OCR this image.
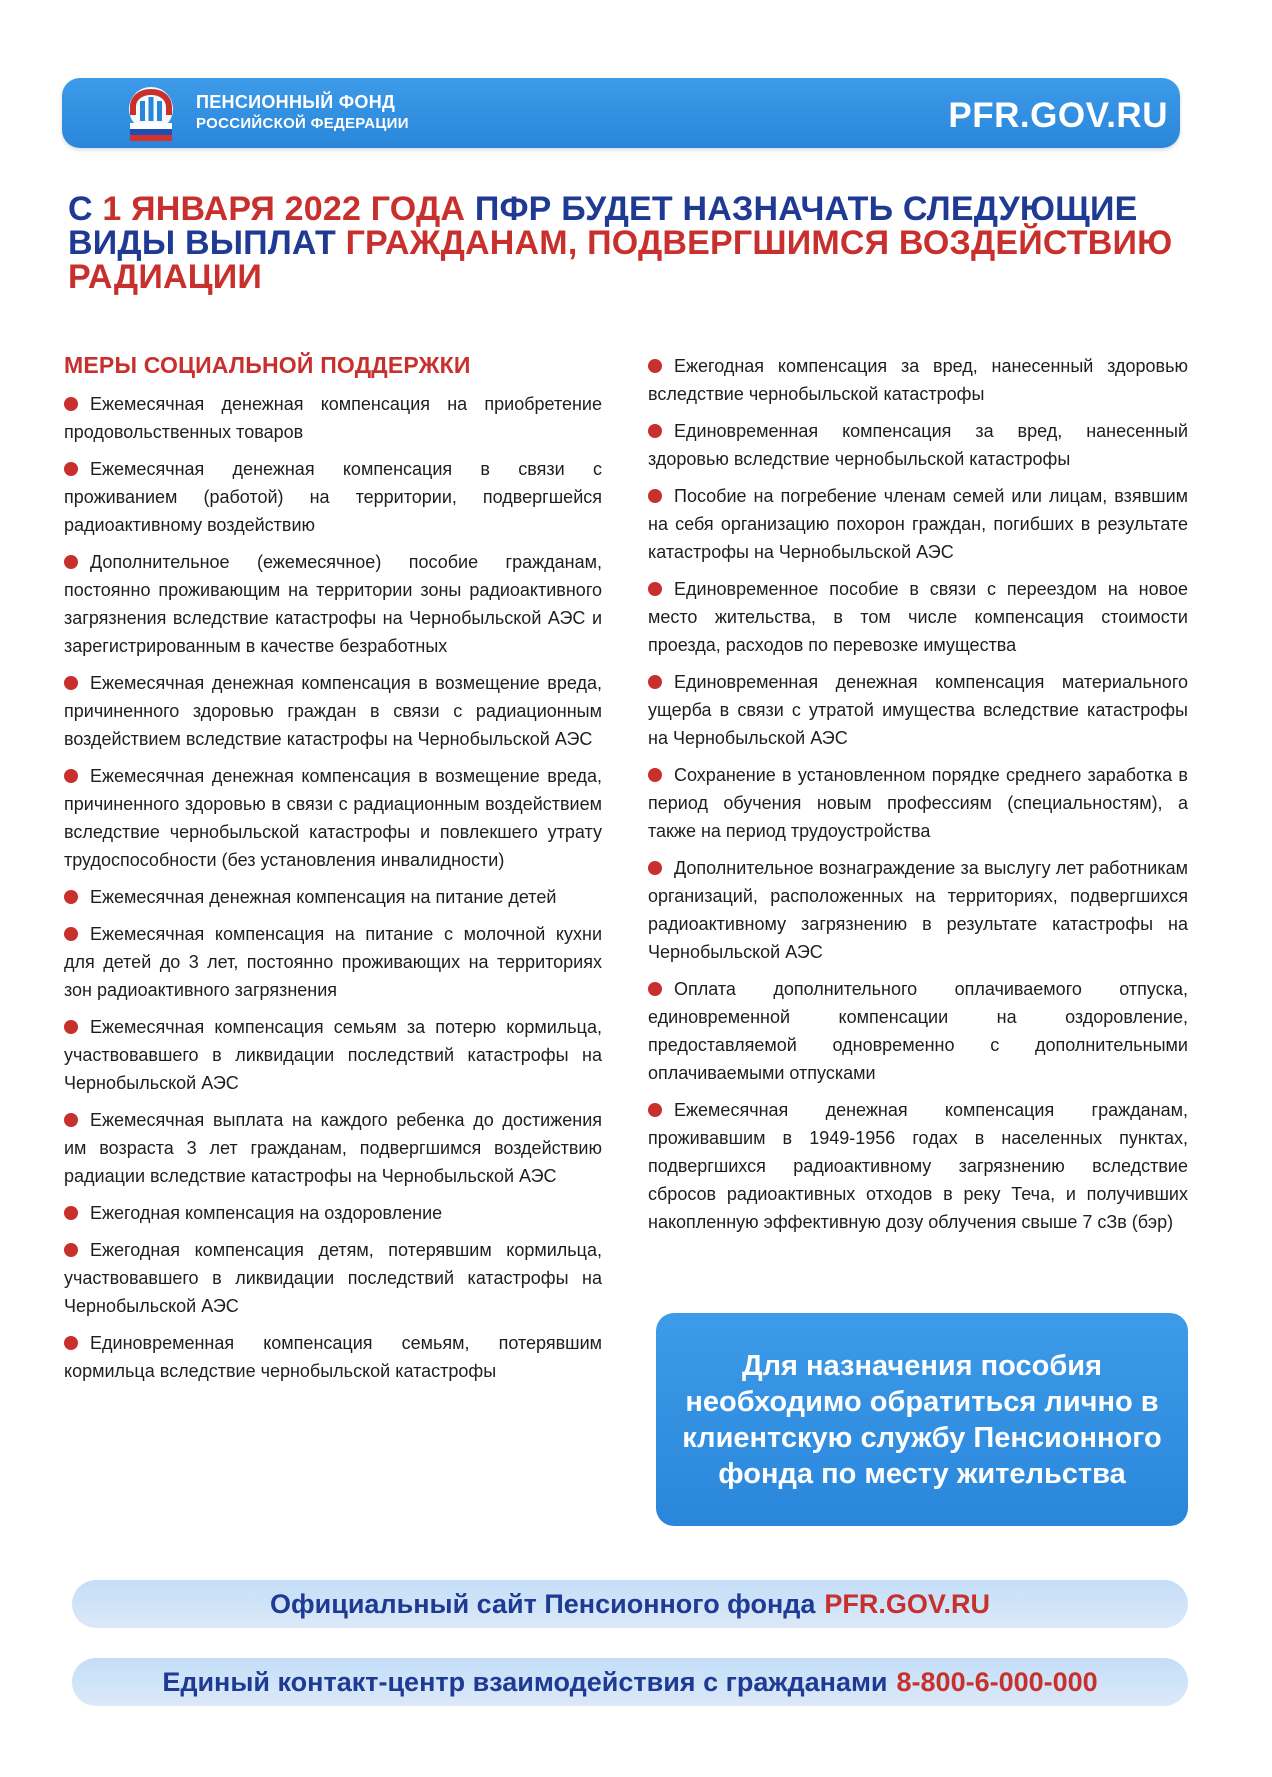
ПЕНСИОННЫЙ ФОНД
РОССИЙСКОЙ ФЕДЕРАЦИИ	PFR.GOV.RU
С 1 ЯНВАРЯ 2022 ГОДА ПФР БУДЕТ НАЗНАЧАТЬ СЛЕДУЮЩИЕ ВИДЫ ВЫПЛАТ ГРАЖДАНАМ, ПОДВЕРГШИМСЯ ВОЗДЕЙСТВИЮ РАДИАЦИИ
МЕРЫ СОЦИАЛЬНОЙ ПОДДЕРЖКИ

Ежемесячная денежная компенсация на приобретение продовольственных товаров

Ежемесячная денежная компенсация в связи с проживанием (работой) на территории, подвергшейся радиоактивному воздействию

Дополнительное (ежемесячное) пособие гражданам, постоянно проживающим на территории зоны радиоактивного загрязнения вследствие катастрофы на Чернобыльской АЭС и зарегистрированным в качестве безработных

Ежемесячная денежная компенсация в возмещение вреда, причиненного здоровью граждан в связи с радиационным воздействием вследствие катастрофы на Чернобыльской АЭС

Ежемесячная денежная компенсация в возмещение вреда, причиненного здоровью в связи с радиационным воздействием вследствие чернобыльской катастрофы и повлекшего утрату трудоспособности (без установления инвалидности)

Ежемесячная денежная компенсация на питание детей

Ежемесячная компенсация на питание с молочной кухни для детей до 3 лет, постоянно проживающих на территориях зон радиоактивного загрязнения

Ежемесячная компенсация семьям за потерю кормильца, участвовавшего в ликвидации последствий катастрофы на Чернобыльской АЭС

Ежемесячная выплата на каждого ребенка до достижения им возраста 3 лет гражданам, подвергшимся воздействию радиации вследствие катастрофы на Чернобыльской АЭС

Ежегодная компенсация на оздоровление

Ежегодная компенсация детям, потерявшим кормильца, участвовавшего в ликвидации последствий катастрофы на Чернобыльской АЭС

Единовременная компенсация семьям, потерявшим кормильца вследствие чернобыльской катастрофы

Ежегодная компенсация за вред, нанесенный здоровью вследствие чернобыльской катастрофы

Единовременная компенсация за вред, нанесенный здоровью вследствие чернобыльской катастрофы

Пособие на погребение членам семей или лицам, взявшим на себя организацию похорон граждан, погибших в результате катастрофы на Чернобыльской АЭС

Единовременное пособие в связи с переездом на новое место жительства, в том числе компенсация стоимости проезда, расходов по перевозке имущества

Единовременная денежная компенсация материального ущерба в связи с утратой имущества вследствие катастрофы на Чернобыльской АЭС

Сохранение в установленном порядке среднего заработка в период обучения новым профессиям (специальностям), а также на период трудоустройства

Дополнительное вознаграждение за выслугу лет работникам организаций, расположенных на территориях, подвергшихся радиоактивному загрязнению в результате катастрофы на Чернобыльской АЭС

Оплата дополнительного оплачиваемого отпуска, единовременной компенсации на оздоровление, предоставляемой одновременно с дополнительными оплачиваемыми отпусками

Ежемесячная денежная компенсация гражданам, проживавшим в 1949-1956 годах в населенных пунктах, подвергшихся радиоактивному загрязнению вследствие сбросов радиоактивных отходов в реку Теча, и получивших накопленную эффективную дозу облучения свыше 7 сЗв (бэр)

Для назначения пособия необходимо обратиться лично в клиентскую службу Пенсионного фонда по месту жительства
Официальный сайт Пенсионного фонда PFR.GOV.RU
Единый контакт-центр взаимодействия с гражданами 8-800-6-000-000
